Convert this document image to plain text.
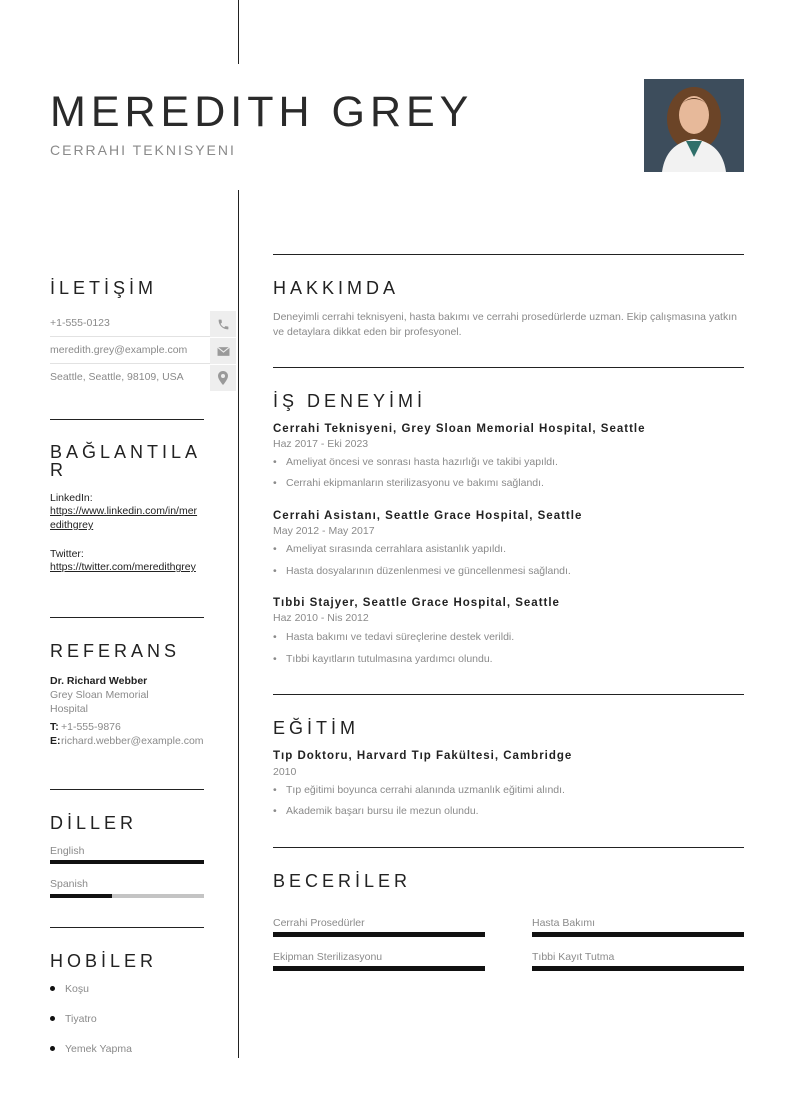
MEREDITH GREY
CERRAHI TEKNISYENI
İLETİŞİM
+1-555-0123
meredith.grey@example.com
Seattle, Seattle, 98109, USA
BAĞLANTILA
R
LinkedIn:
https://www.linkedin.com/in/meredithgrey
Twitter:
https://twitter.com/meredithgrey
REFERANS
Dr. Richard Webber
Grey Sloan Memorial Hospital
T: +1-555-9876
E: richard.webber@example.com
DİLLER
English
Spanish
HOBİLER
Koşu
Tiyatro
Yemek Yapma
HAKKIMDA
Deneyimli cerrahi teknisyeni, hasta bakımı ve cerrahi prosedürlerde uzman. Ekip çalışmasına yatkın ve detaylara dikkat eden bir profesyonel.
İŞ DENEYİMİ
Cerrahi Teknisyeni, Grey Sloan Memorial Hospital, Seattle
Haz 2017 - Eki 2023
• Ameliyat öncesi ve sonrası hasta hazırlığı ve takibi yapıldı.
• Cerrahi ekipmanların sterilizasyonu ve bakımı sağlandı.
Cerrahi Asistanı, Seattle Grace Hospital, Seattle
May 2012 - May 2017
• Ameliyat sırasında cerrahlara asistanlık yapıldı.
• Hasta dosyalarının düzenlenmesi ve güncellenmesi sağlandı.
Tıbbi Stajyer, Seattle Grace Hospital, Seattle
Haz 2010 - Nis 2012
• Hasta bakımı ve tedavi süreçlerine destek verildi.
• Tıbbi kayıtların tutulmasına yardımcı olundu.
EĞİTİM
Tıp Doktoru, Harvard Tıp Fakültesi, Cambridge
2010
• Tıp eğitimi boyunca cerrahi alanında uzmanlık eğitimi alındı.
• Akademik başarı bursu ile mezun olundu.
BECERİLER
Cerrahi Prosedürler	Hasta Bakımı
Ekipman Sterilizasyonu	Tıbbi Kayıt Tutma
